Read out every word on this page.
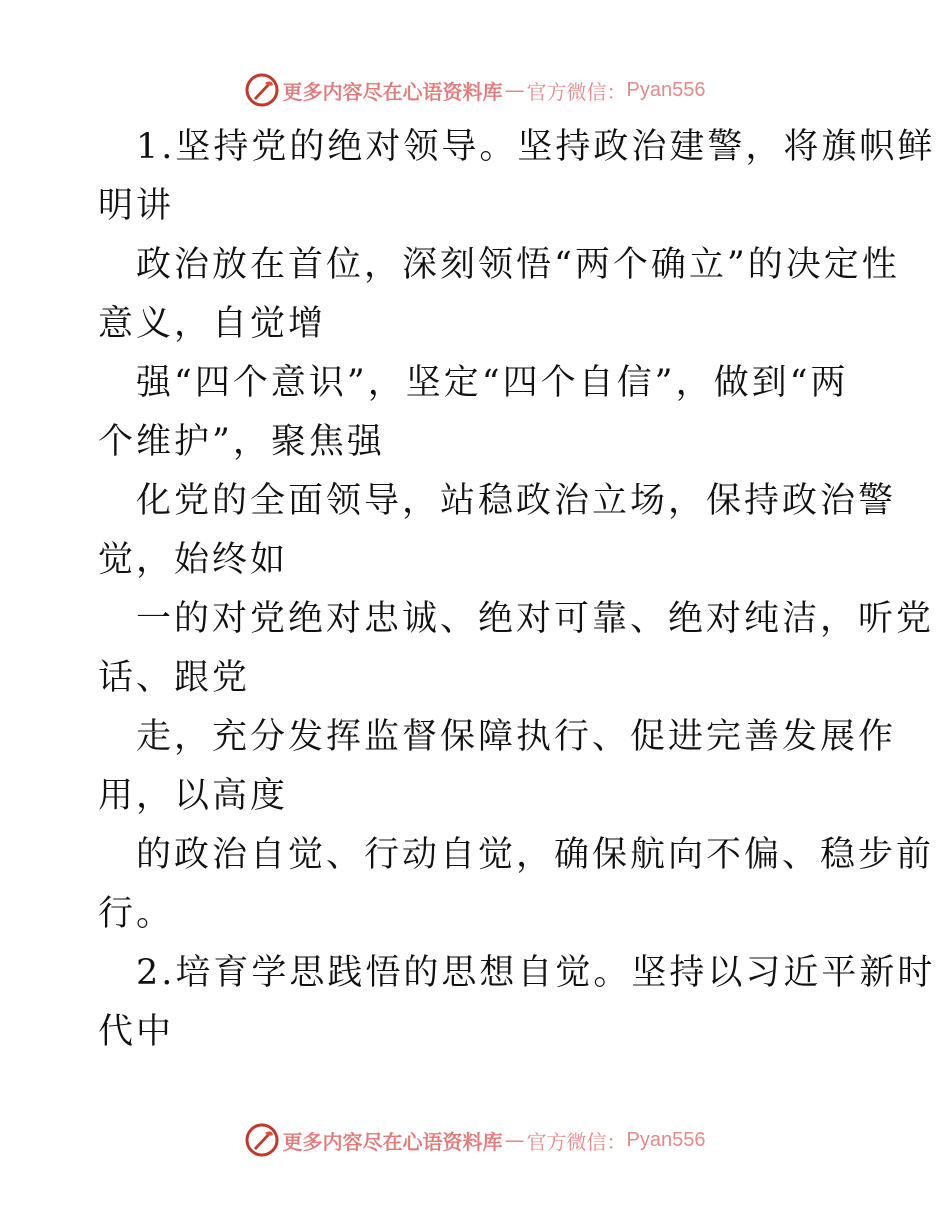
更多内容尽在心语资料库 — 官方微信： Pyan556
1.坚持党的绝对领导。坚持政治建警，将旗帜鲜
明讲
政治放在首位，深刻领悟“两个确立”的决定性
意义，自觉增
强“四个意识”，坚定“四个自信”，做到“两
个维护”，聚焦强
化党的全面领导，站稳政治立场，保持政治警
觉，始终如
一的对党绝对忠诚、绝对可靠、绝对纯洁，听党
话、跟党
走，充分发挥监督保障执行、促进完善发展作
用，以高度
的政治自觉、行动自觉，确保航向不偏、稳步前
行。
2.培育学思践悟的思想自觉。坚持以习近平新时
代中
更多内容尽在心语资料库 — 官方微信： Pyan556
